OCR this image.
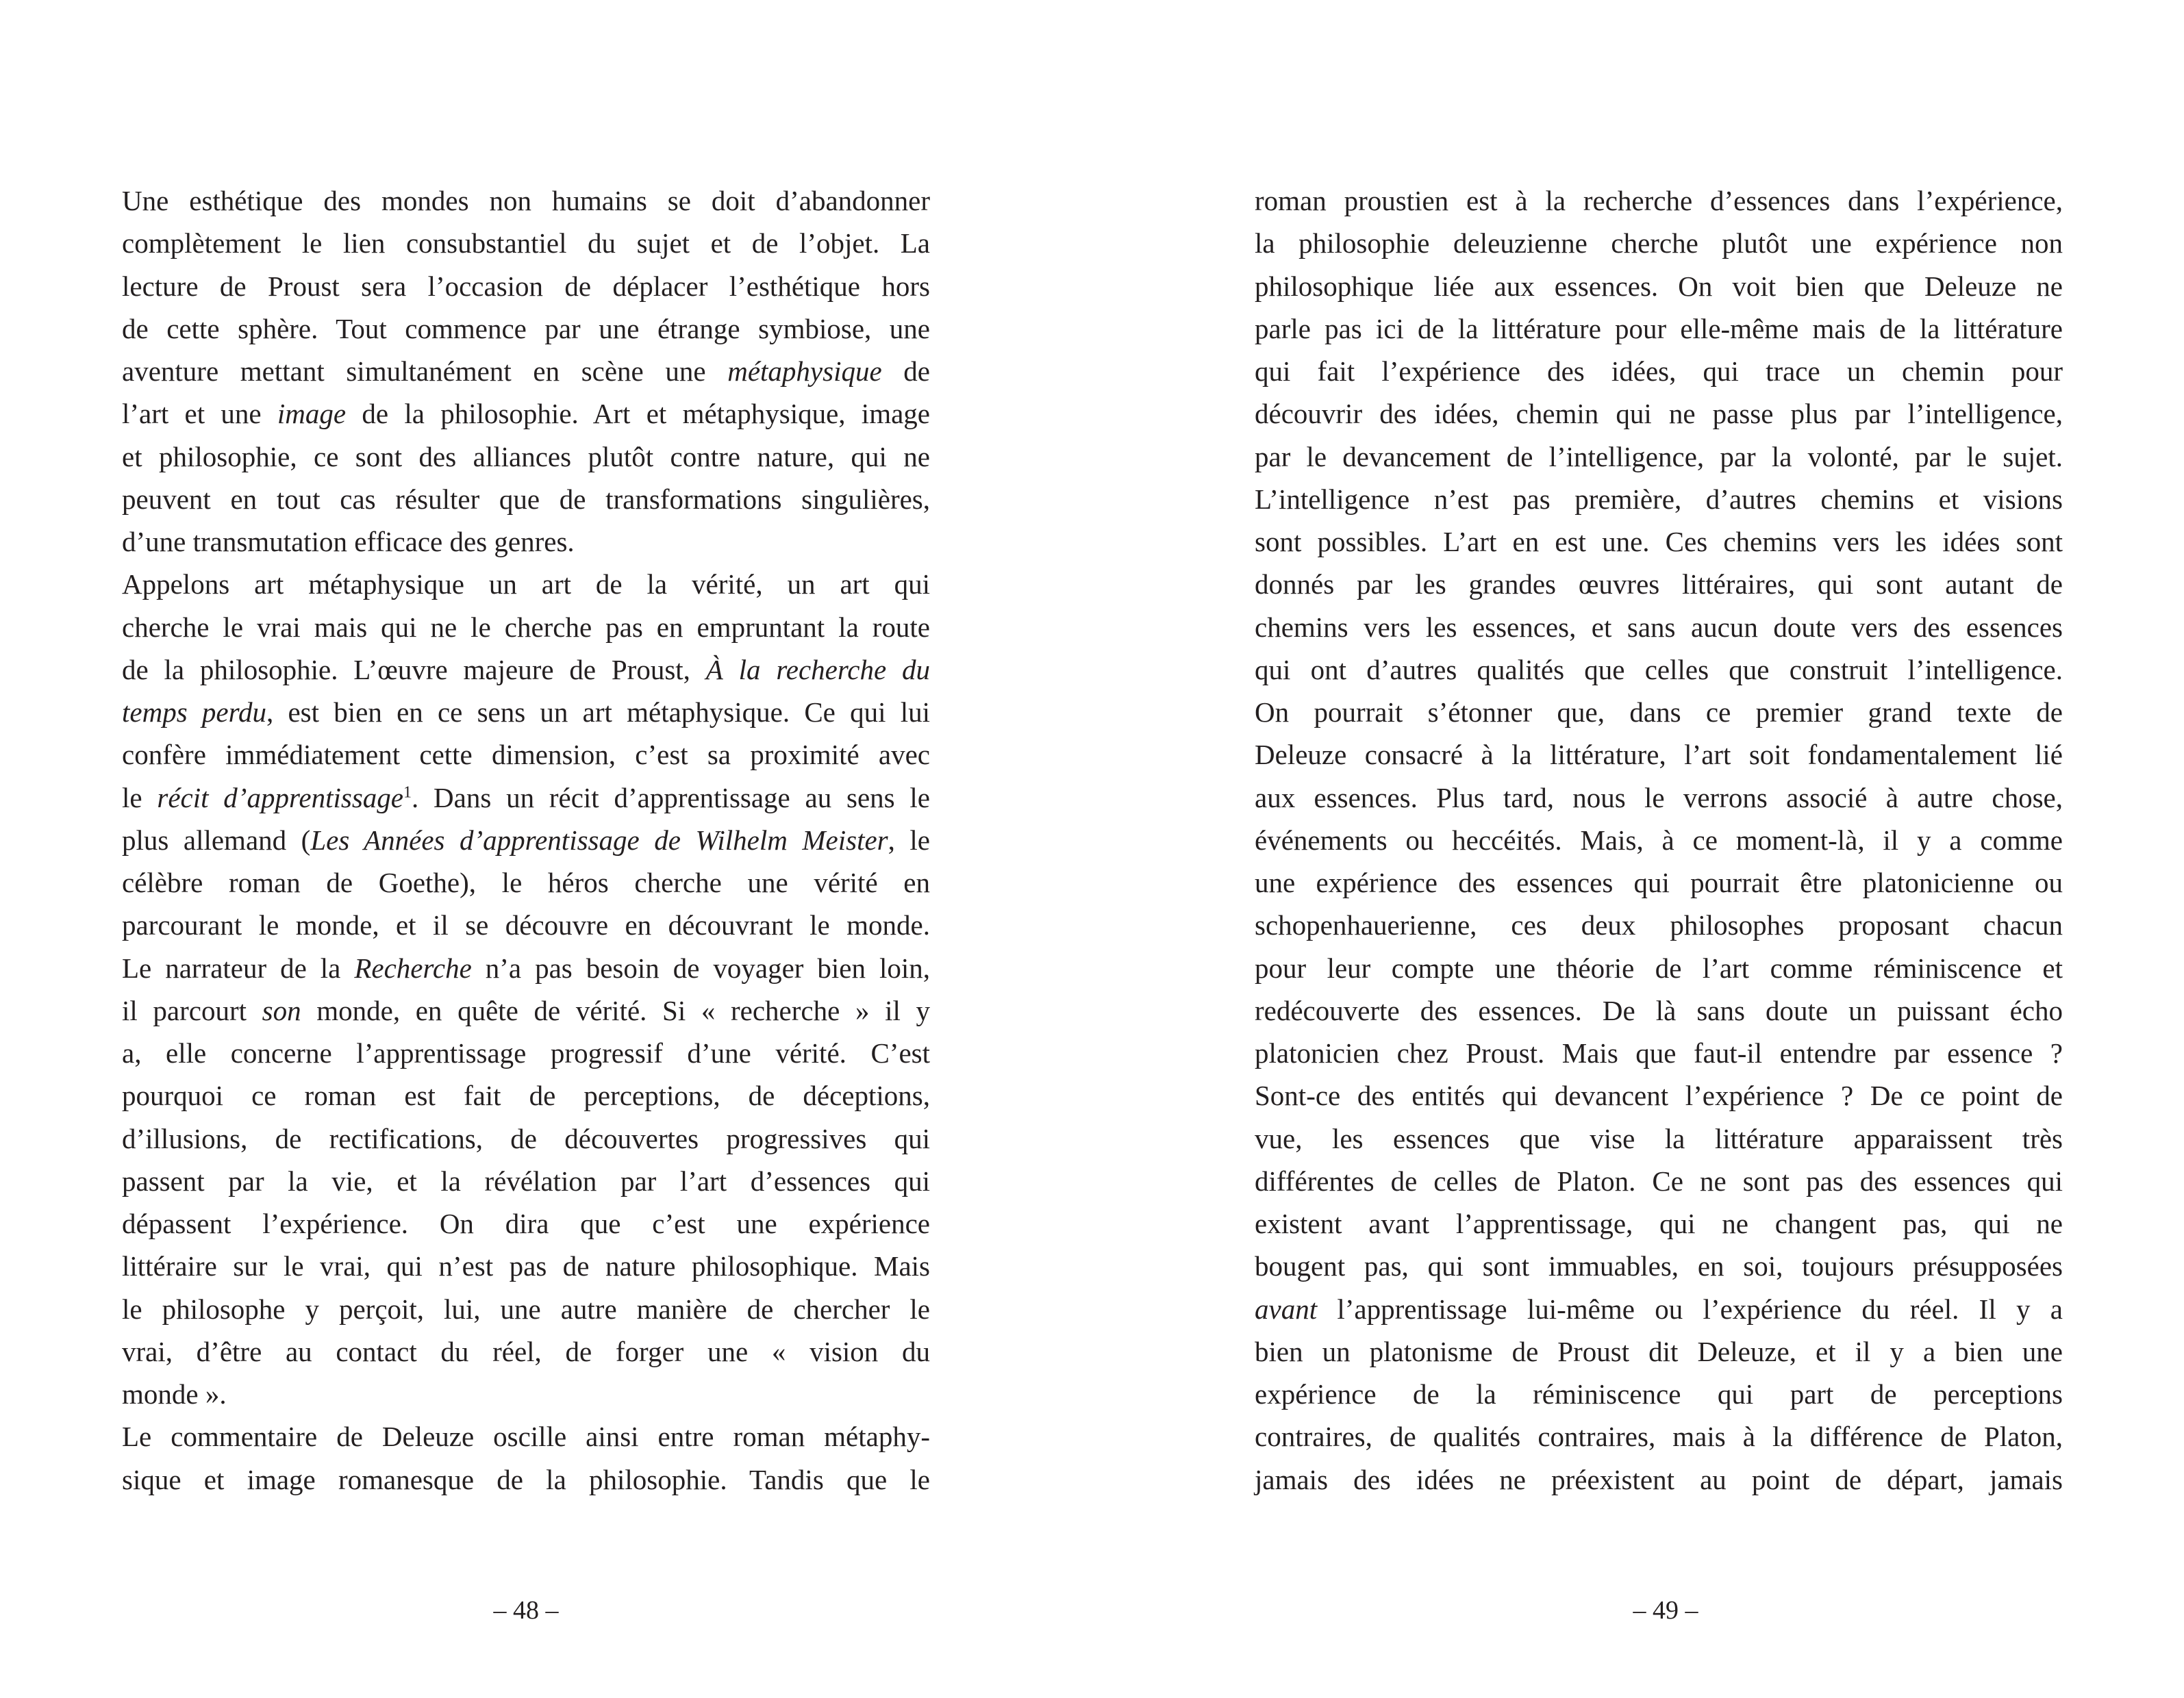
Une esthétique des mondes non humains se doit d’abandonner
complètement le lien consubstantiel du sujet et de l’objet. La
lecture de Proust sera l’occasion de déplacer l’esthétique hors
de cette sphère. Tout commence par une étrange symbiose, une
aventure mettant simultanément en scène une métaphysique de
l’art et une image de la philosophie. Art et métaphysique, image
et philosophie, ce sont des alliances plutôt contre nature, qui ne
peuvent en tout cas résulter que de transformations singulières,
d’une transmutation efficace des genres.
Appelons art métaphysique un art de la vérité, un art qui
cherche le vrai mais qui ne le cherche pas en empruntant la route
de la philosophie. L’œuvre majeure de Proust, À la recherche du
temps perdu, est bien en ce sens un art métaphysique. Ce qui lui
confère immédiatement cette dimension, c’est sa proximité avec
le récit d’apprentissage$^1$. Dans un récit d’apprentissage au sens le
plus allemand (Les Années d’apprentissage de Wilhelm Meister, le
célèbre roman de Goethe), le héros cherche une vérité en
parcourant le monde, et il se découvre en découvrant le monde.
Le narrateur de la Recherche n’a pas besoin de voyager bien loin,
il parcourt son monde, en quête de vérité. Si « recherche » il y
a, elle concerne l’apprentissage progressif d’une vérité. C’est
pourquoi ce roman est fait de perceptions, de déceptions,
d’illusions, de rectifications, de découvertes progressives qui
passent par la vie, et la révélation par l’art d’essences qui
dépassent l’expérience. On dira que c’est une expérience
littéraire sur le vrai, qui n’est pas de nature philosophique. Mais
le philosophe y perçoit, lui, une autre manière de chercher le
vrai, d’être au contact du réel, de forger une « vision du
monde ».
Le commentaire de Deleuze oscille ainsi entre roman métaphy-
sique et image romanesque de la philosophie. Tandis que le
– 48 –
roman proustien est à la recherche d’essences dans l’expérience,
la philosophie deleuzienne cherche plutôt une expérience non
philosophique liée aux essences. On voit bien que Deleuze ne
parle pas ici de la littérature pour elle-même mais de la littérature
qui fait l’expérience des idées, qui trace un chemin pour
découvrir des idées, chemin qui ne passe plus par l’intelligence,
par le devancement de l’intelligence, par la volonté, par le sujet.
L’intelligence n’est pas première, d’autres chemins et visions
sont possibles. L’art en est une. Ces chemins vers les idées sont
donnés par les grandes œuvres littéraires, qui sont autant de
chemins vers les essences, et sans aucun doute vers des essences
qui ont d’autres qualités que celles que construit l’intelligence.
On pourrait s’étonner que, dans ce premier grand texte de
Deleuze consacré à la littérature, l’art soit fondamentalement lié
aux essences. Plus tard, nous le verrons associé à autre chose,
événements ou heccéités. Mais, à ce moment-là, il y a comme
une expérience des essences qui pourrait être platonicienne ou
schopenhauerienne, ces deux philosophes proposant chacun
pour leur compte une théorie de l’art comme réminiscence et
redécouverte des essences. De là sans doute un puissant écho
platonicien chez Proust. Mais que faut-il entendre par essence ?
Sont-ce des entités qui devancent l’expérience ? De ce point de
vue, les essences que vise la littérature apparaissent très
différentes de celles de Platon. Ce ne sont pas des essences qui
existent avant l’apprentissage, qui ne changent pas, qui ne
bougent pas, qui sont immuables, en soi, toujours présupposées
avant l’apprentissage lui-même ou l’expérience du réel. Il y a
bien un platonisme de Proust dit Deleuze, et il y a bien une
expérience de la réminiscence qui part de perceptions
contraires, de qualités contraires, mais à la différence de Platon,
jamais des idées ne préexistent au point de départ, jamais
– 49 –
